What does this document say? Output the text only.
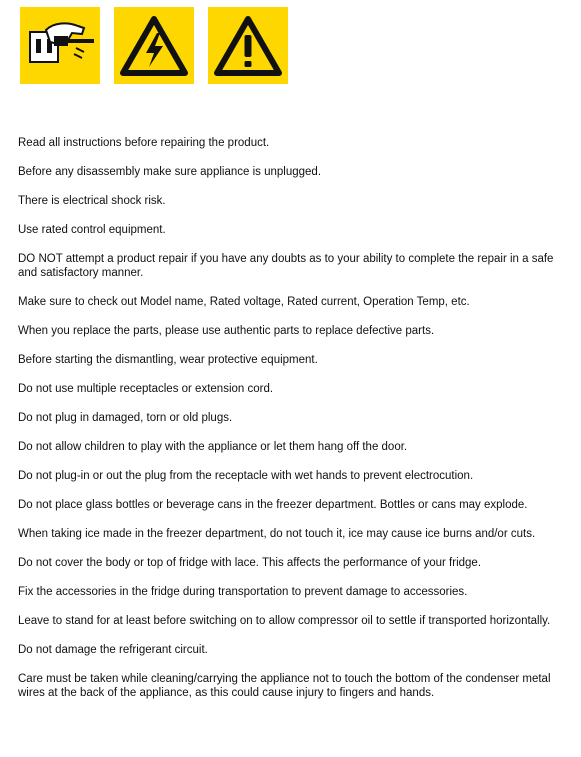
Read all instructions before repairing the product.
Before any disassembly make sure appliance is unplugged.
There is electrical shock risk.
Use rated control equipment.
DO NOT attempt a product repair if you have any doubts as to your ability to complete the repair in a safe and satisfactory manner.
Make sure to check out Model name, Rated voltage, Rated current, Operation Temp, etc.
When you replace the parts, please use authentic parts to replace defective parts.
Before starting the dismantling, wear protective equipment.
Do not use multiple receptacles or extension cord.
Do not plug in damaged, torn or old plugs.
Do not allow children to play with the appliance or let them hang off the door.
Do not plug-in or out the plug from the receptacle with wet hands to prevent electrocution.
Do not place glass bottles or beverage cans in the freezer department. Bottles or cans may explode.
When taking ice made in the freezer department, do not touch it, ice may cause ice burns and/or cuts.
Do not cover the body or top of fridge with lace. This affects the performance of your fridge.
Fix the accessories in the fridge during transportation to prevent damage to accessories.
Leave to stand for at least before switching on to allow compressor oil to settle if transported horizontally.
Do not damage the refrigerant circuit.
Care must be taken while cleaning/carrying the appliance not to touch the bottom of the condenser metal wires at the back of the appliance, as this could cause injury to fingers and hands.
